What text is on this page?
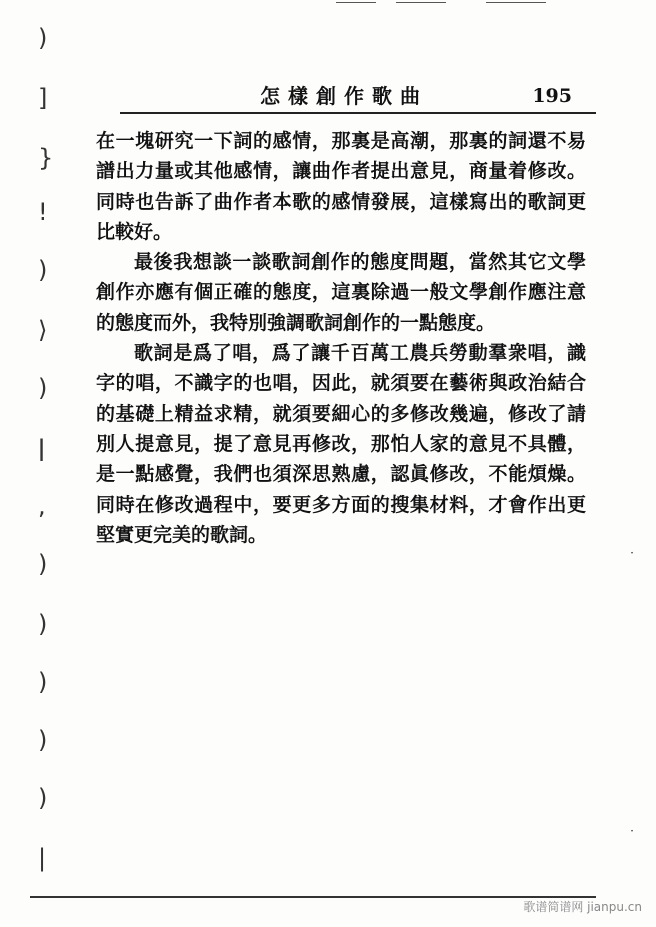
)
]
}
!
)
⟩
)
ǀ
,
)
)
)
)
)
|
怎樣創作歌曲	195

在一塊研究一下詞的感情，那裏是高潮，那裏的詞還不易譜出力量或其他感情，讓曲作者提出意見，商量着修改。同時也告訴了曲作者本歌的感情發展，這樣寫出的歌詞更比較好。

最後我想談一談歌詞創作的態度問題，當然其它文學創作亦應有個正確的態度，這裏除過一般文學創作應注意的態度而外，我特別強調歌詞創作的一點態度。

歌詞是爲了唱，爲了讓千百萬工農兵勞動羣衆唱，識字的唱，不識字的也唱，因此，就須要在藝術與政治結合的基礎上精益求精，就須要細心的多修改幾遍，修改了請別人提意見，提了意見再修改，那怕人家的意見不具體，是一點感覺，我們也須深思熟慮，認眞修改，不能煩燥。同時在修改過程中，要更多方面的搜集材料，才會作出更堅實更完美的歌詞。

·
·
歌谱简谱网 jianpu.cn
